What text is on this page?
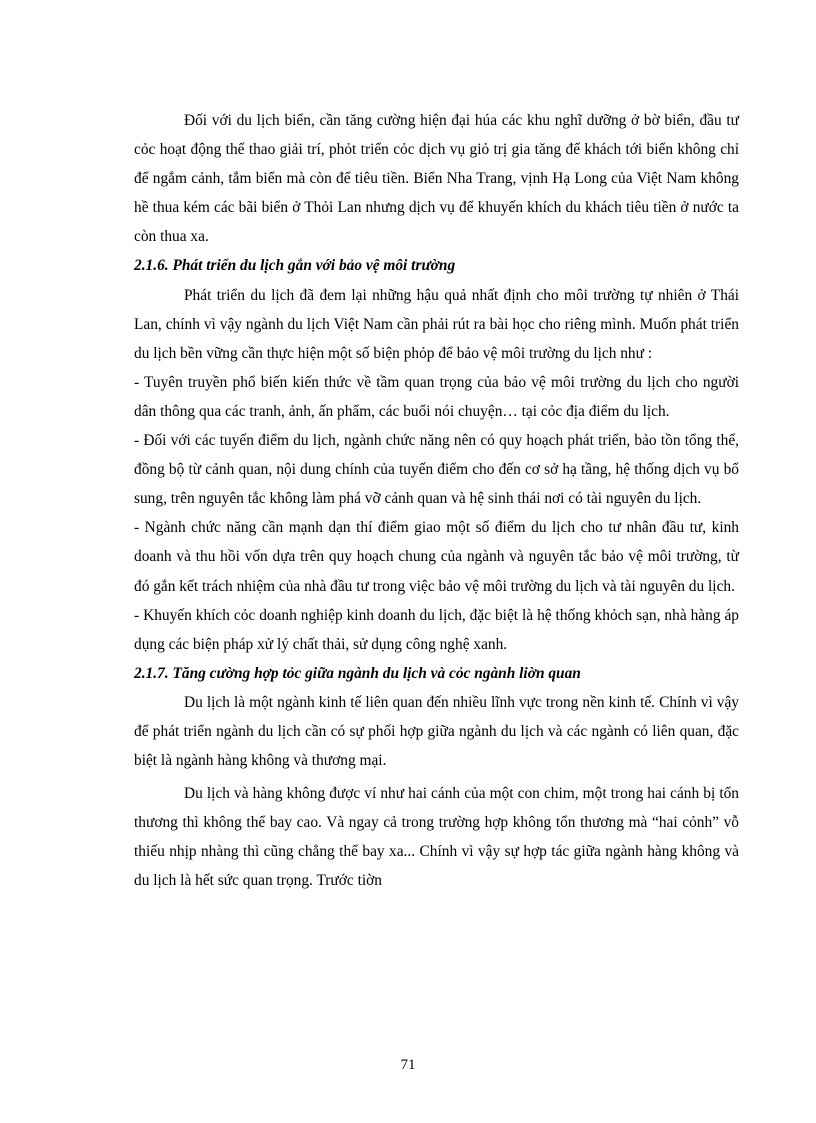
Đối với du lịch biển, cần tăng cường hiện đại húa các khu nghĩ dưỡng ở bờ biển, đầu tư cỏc hoạt động thể thao giải trí, phỏt triển cỏc dịch vụ giỏ trị gia tăng để khách tới biển không chỉ để ngắm cảnh, tắm biển mà còn để tiêu tiền. Biển Nha Trang, vịnh Hạ Long của Việt Nam không hề thua kém các bãi biển ở Thỏi Lan nhưng dịch vụ để khuyến khích du khách tiêu tiền ở nước ta còn thua xa.

2.1.6. Phát triển du lịch gắn với bảo vệ môi trường

Phát triển du lịch đã đem lại những hậu quả nhất định cho môi trường tự nhiên ở Thái Lan, chính vì vậy ngành du lịch Việt Nam cần phải rút ra bài học cho riêng mình. Muốn phát triển du lịch bền vững cần thực hiện một số biện phỏp để bảo vệ môi trường du lịch như :

- Tuyên truyền phổ biến kiến thức về tầm quan trọng của bảo vệ môi trường du lịch cho người dân thông qua các tranh, ảnh, ấn phẩm, các buổi nói chuyện… tại cỏc địa điểm du lịch.

- Đối với các tuyến điểm du lịch, ngành chức năng nên có quy hoạch phát triển, bảo tồn tổng thể, đồng bộ từ cảnh quan, nội dung chính của tuyến điểm cho đến cơ sở hạ tầng, hệ thống dịch vụ bổ sung, trên nguyên tắc không làm phá vỡ cảnh quan và hệ sinh thái nơi có tài nguyên du lịch.

- Ngành chức năng cần mạnh dạn thí điểm giao một số điểm du lịch cho tư nhân đầu tư, kinh doanh và thu hồi vốn dựa trên quy hoạch chung của ngành và nguyên tắc bảo vệ môi trường, từ đó gắn kết trách nhiệm của nhà đầu tư trong việc bảo vệ môi trường du lịch và tài nguyên du lịch.

- Khuyến khích cỏc doanh nghiệp kinh doanh du lịch, đặc biệt là hệ thống khỏch sạn, nhà hàng áp dụng các biện pháp xử lý chất thải, sử dụng công nghệ xanh.

2.1.7. Tăng cường hợp tỏc giữa ngành du lịch và cỏc ngành liờn quan

Du lịch là một ngành kinh tế liên quan đến nhiều lĩnh vực trong nền kinh tế. Chính vì vậy để phát triển ngành du lịch cần có sự phối hợp giữa ngành du lịch và các ngành có liên quan, đặc biệt là ngành hàng không và thương mại.

Du lịch và hàng không được ví như hai cánh của một con chim, một trong hai cánh bị tổn thương thì không thể bay cao. Và ngay cả trong trường hợp không tổn thương mà “hai cỏnh” vỗ thiếu nhịp nhàng thì cũng chẳng thể bay xa... Chính vì vậy sự hợp tác giữa ngành hàng không và du lịch là hết sức quan trọng. Trước tiờn

71
